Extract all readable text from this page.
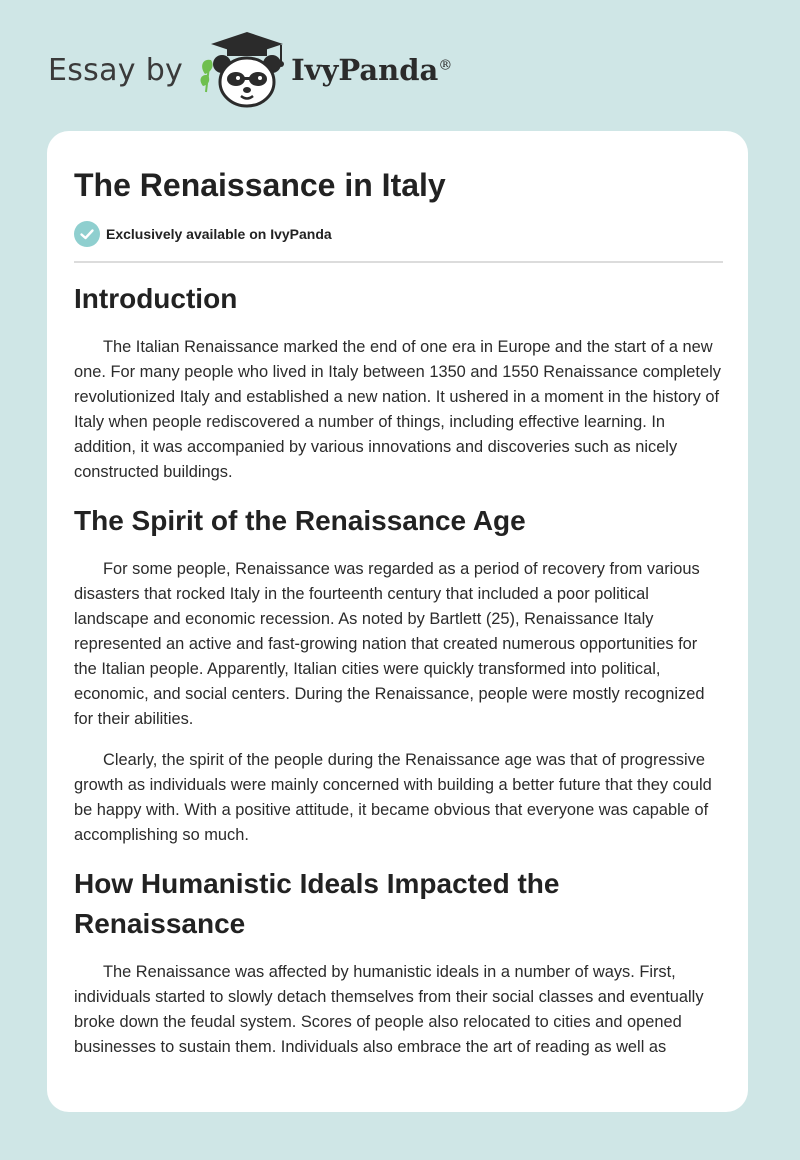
Essay by	IvyPanda®
The Renaissance in Italy
Exclusively available on IvyPanda
Introduction

The Italian Renaissance marked the end of one era in Europe and the start of a new one. For many people who lived in Italy between 1350 and 1550 Renaissance completely revolutionized Italy and established a new nation. It ushered in a moment in the history of Italy when people rediscovered a number of things, including effective learning. In addition, it was accompanied by various innovations and discoveries such as nicely constructed buildings.

The Spirit of the Renaissance Age

For some people, Renaissance was regarded as a period of recovery from various disasters that rocked Italy in the fourteenth century that included a poor political landscape and economic recession. As noted by Bartlett (25), Renaissance Italy represented an active and fast-growing nation that created numerous opportunities for the Italian people. Apparently, Italian cities were quickly transformed into political, economic, and social centers. During the Renaissance, people were mostly recognized for their abilities.

Clearly, the spirit of the people during the Renaissance age was that of progressive growth as individuals were mainly concerned with building a better future that they could be happy with. With a positive attitude, it became obvious that everyone was capable of accomplishing so much.

How Humanistic Ideals Impacted the Renaissance

The Renaissance was affected by humanistic ideals in a number of ways. First, individuals started to slowly detach themselves from their social classes and eventually broke down the feudal system. Scores of people also relocated to cities and opened businesses to sustain them. Individuals also embrace the art of reading as well as
